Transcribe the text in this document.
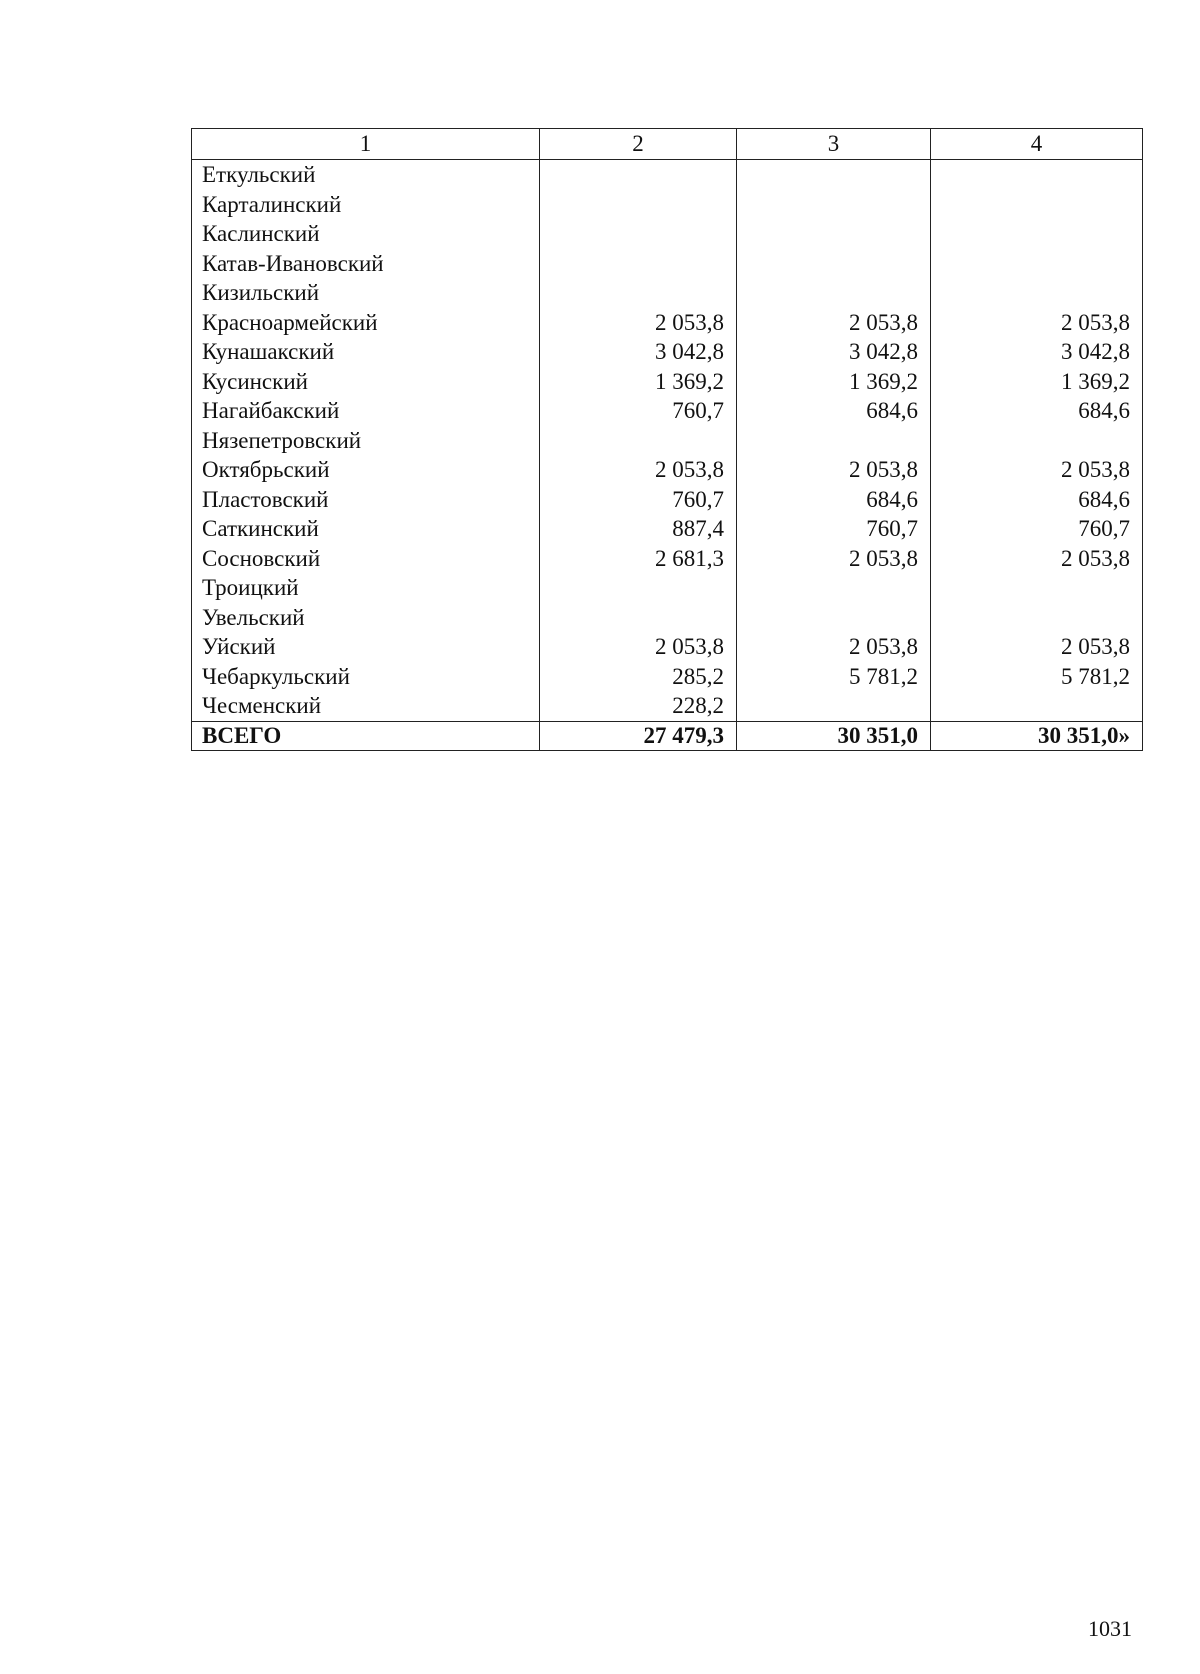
1	2	3	4
Еткульский			
Карталинский			
Каслинский			
Катав-Ивановский			
Кизильский			
Красноармейский	2 053,8	2 053,8	2 053,8
Кунашакский	3 042,8	3 042,8	3 042,8
Кусинский	1 369,2	1 369,2	1 369,2
Нагайбакский	760,7	684,6	684,6
Нязепетровский			
Октябрьский	2 053,8	2 053,8	2 053,8
Пластовский	760,7	684,6	684,6
Саткинский	887,4	760,7	760,7
Сосновский	2 681,3	2 053,8	2 053,8
Троицкий			
Увельский			
Уйский	2 053,8	2 053,8	2 053,8
Чебаркульский	285,2	5 781,2	5 781,2
Чесменский	228,2		
ВСЕГО	27 479,3	30 351,0	30 351,0»
1031
